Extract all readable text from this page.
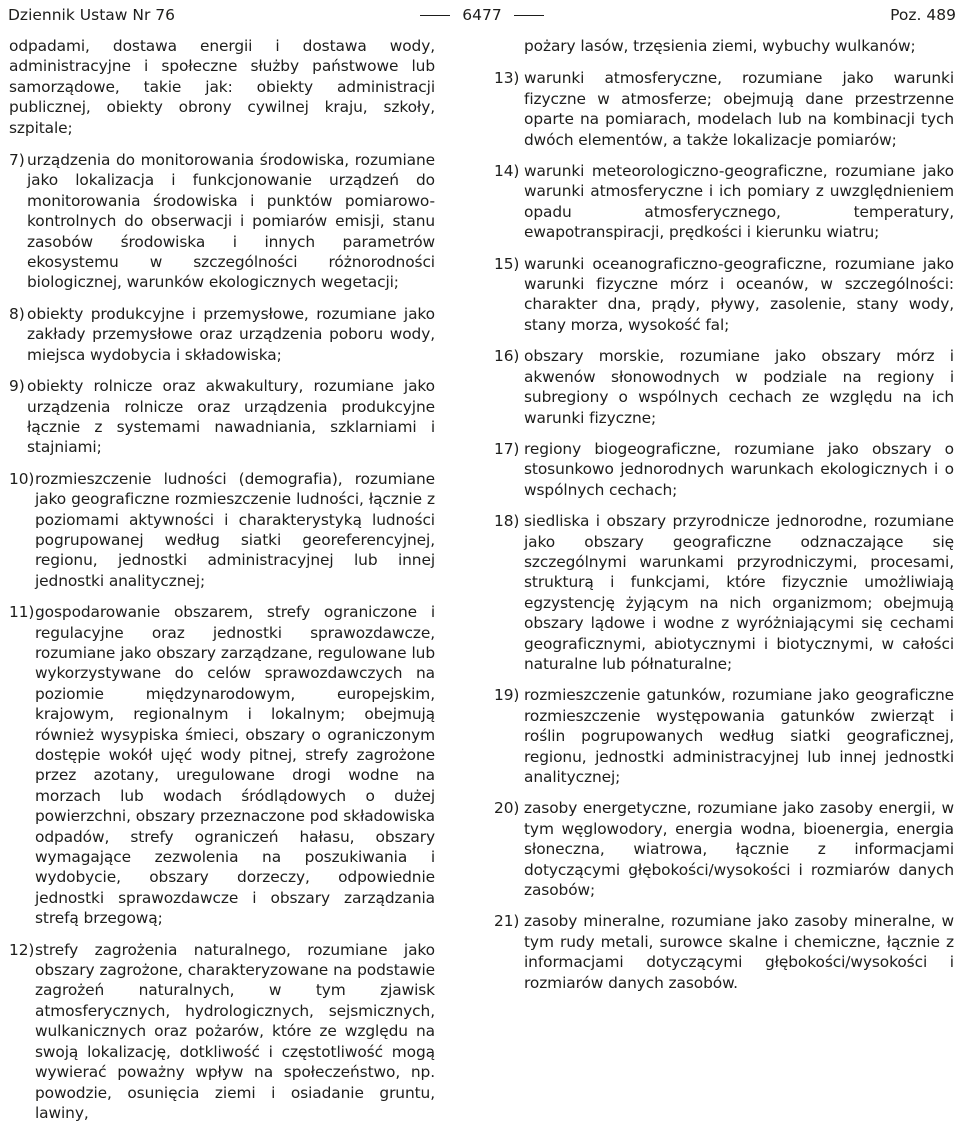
Dziennik Ustaw Nr 76	6477	Poz. 489

odpadami, dostawa energii i dostawa wody, administracyjne i społeczne służby państwowe lub samorządowe, takie jak: obiekty administracji publicznej, obiekty obrony cywilnej kraju, szkoły, szpitale;

7) urządzenia do monitorowania środowiska, rozumiane jako lokalizacja i funkcjonowanie urządzeń do monitorowania środowiska i punktów pomiarowo-kontrolnych do obserwacji i pomiarów emisji, stanu zasobów środowiska i innych parametrów ekosystemu w szczególności różnorodności biologicznej, warunków ekologicznych wegetacji;
8) obiekty produkcyjne i przemysłowe, rozumiane jako zakłady przemysłowe oraz urządzenia poboru wody, miejsca wydobycia i składowiska;
9) obiekty rolnicze oraz akwakultury, rozumiane jako urządzenia rolnicze oraz urządzenia produkcyjne łącznie z systemami nawadniania, szklarniami i stajniami;
10) rozmieszczenie ludności (demografia), rozumiane jako geograficzne rozmieszczenie ludności, łącznie z poziomami aktywności i charakterystyką ludności pogrupowanej według siatki georeferencyjnej, regionu, jednostki administracyjnej lub innej jednostki analitycznej;
11) gospodarowanie obszarem, strefy ograniczone i regulacyjne oraz jednostki sprawozdawcze, rozumiane jako obszary zarządzane, regulowane lub wykorzystywane do celów sprawozdawczych na poziomie międzynarodowym, europejskim, krajowym, regionalnym i lokalnym; obejmują również wysypiska śmieci, obszary o ograniczonym dostępie wokół ujęć wody pitnej, strefy zagrożone przez azotany, uregulowane drogi wodne na morzach lub wodach śródlądowych o dużej powierzchni, obszary przeznaczone pod składowiska odpadów, strefy ograniczeń hałasu, obszary wymagające zezwolenia na poszukiwania i wydobycie, obszary dorzeczy, odpowiednie jednostki sprawozdawcze i obszary zarządzania strefą brzegową;
12) strefy zagrożenia naturalnego, rozumiane jako obszary zagrożone, charakteryzowane na podstawie zagrożeń naturalnych, w tym zjawisk atmosferycznych, hydrologicznych, sejsmicznych, wulkanicznych oraz pożarów, które ze względu na swoją lokalizację, dotkliwość i częstotliwość mogą wywierać poważny wpływ na społeczeństwo, np. powodzie, osunięcia ziemi i osiadanie gruntu, lawiny,

pożary lasów, trzęsienia ziemi, wybuchy wulkanów;

13) warunki atmosferyczne, rozumiane jako warunki fizyczne w atmosferze; obejmują dane przestrzenne oparte na pomiarach, modelach lub na kombinacji tych dwóch elementów, a także lokalizacje pomiarów;
14) warunki meteorologiczno-geograficzne, rozumiane jako warunki atmosferyczne i ich pomiary z uwzględnieniem opadu atmosferycznego, temperatury, ewapotranspiracji, prędkości i kierunku wiatru;
15) warunki oceanograficzno-geograficzne, rozumiane jako warunki fizyczne mórz i oceanów, w szczególności: charakter dna, prądy, pływy, zasolenie, stany wody, stany morza, wysokość fal;
16) obszary morskie, rozumiane jako obszary mórz i akwenów słonowodnych w podziale na regiony i subregiony o wspólnych cechach ze względu na ich warunki fizyczne;
17) regiony biogeograficzne, rozumiane jako obszary o stosunkowo jednorodnych warunkach ekologicznych i o wspólnych cechach;
18) siedliska i obszary przyrodnicze jednorodne, rozumiane jako obszary geograficzne odznaczające się szczególnymi warunkami przyrodniczymi, procesami, strukturą i funkcjami, które fizycznie umożliwiają egzystencję żyjącym na nich organizmom; obejmują obszary lądowe i wodne z wyróżniającymi się cechami geograficznymi, abiotycznymi i biotycznymi, w całości naturalne lub półnaturalne;
19) rozmieszczenie gatunków, rozumiane jako geograficzne rozmieszczenie występowania gatunków zwierząt i roślin pogrupowanych według siatki geograficznej, regionu, jednostki administracyjnej lub innej jednostki analitycznej;
20) zasoby energetyczne, rozumiane jako zasoby energii, w tym węglowodory, energia wodna, bioenergia, energia słoneczna, wiatrowa, łącznie z informacjami dotyczącymi głębokości/wysokości i rozmiarów danych zasobów;
21) zasoby mineralne, rozumiane jako zasoby mineralne, w tym rudy metali, surowce skalne i chemiczne, łącznie z informacjami dotyczącymi głębokości/wysokości i rozmiarów danych zasobów.
